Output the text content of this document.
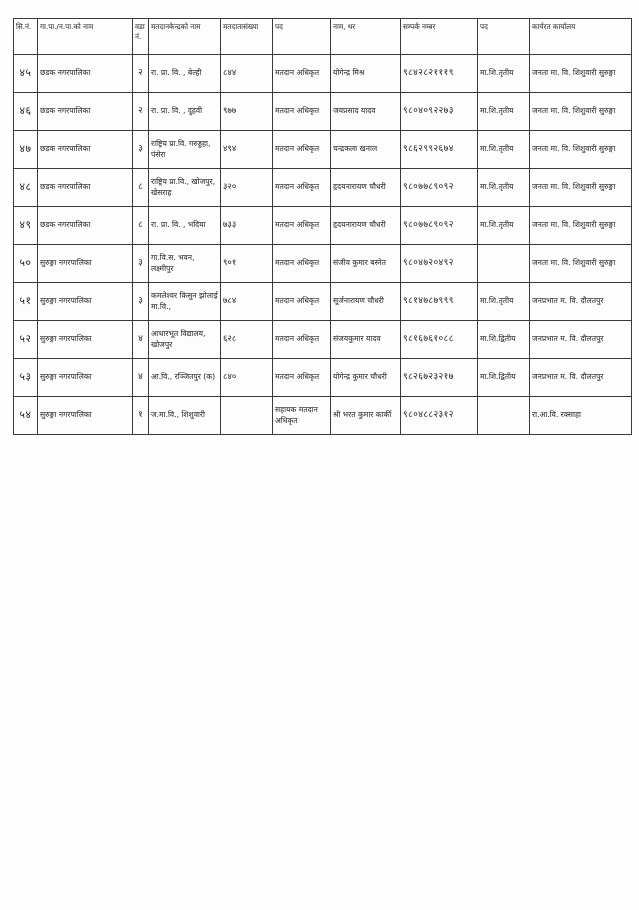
सि.नं.	गा.पा./न.पा.को नाम	वडा नं.	मतदानकेन्द्रको नाम	मतदातासंख्या	पद	नाम, थर	सम्पर्क नम्बर	पद	कार्यरत कार्यालय
४५	छडक नगरपालिका	२	रा. प्रा. वि. , बेल्ही	८४४	मतदान अधिकृत	योगेन्द्र मिश्र	९८४२८२१११९	मा.शि.तृतीय	जनता मा. वि. शिशुवारी सुरुङ्गा
४६	छडक नगरपालिका	२	रा. प्रा. वि. , दुहवी	९७७	मतदान अधिकृत	जयप्रसाद यादव	९८०४०९२२७३	मा.शि.तृतीय	जनता मा. वि. शिशुवारी सुरुङ्गा
४७	छडक नगरपालिका	३	राष्ट्रिय प्रा.वि. गरुड्डहा, पंसेरा	४९४	मतदान अधिकृत	चन्द्रकला खनाल	९८६२९९२६७४	मा.शि.तृतीय	जनता मा. वि. शिशुवारी सुरुङ्गा
४८	छडक नगरपालिका	८	राष्ट्रिय प्रा.वि., खोजपुर, खेसराह	३२०	मतदान अधिकृत	हृदयनारायण चौधरी	९८०७७८९०९२	मा.शि.तृतीय	जनता मा. वि. शिशुवारी सुरुङ्गा
४९	छडक नगरपालिका	८	रा. प्रा. वि. , भदिया	७३३	मतदान अधिकृत	हृदयनारायण चौधरी	९८०७७८९०९२	मा.शि.तृतीय	जनता मा. वि. शिशुवारी सुरुङ्गा
५०	सुरुङ्गा नगरपालिका	३	गा.वि.स. भवन, लक्ष्मीपुर	९०१	मतदान अधिकृत	संजीव कुमार बस्नेत	९८०४७२०४९२		जनता मा. वि. शिशुवारी सुरुङ्गा
५१	सुरुङ्गा नगरपालिका	३	कमलेश्वर किसुन झोलाई मा.वि.,	७८४	मतदान अधिकृत	सूर्जनारायण चौधरी	९८१४७८७९९९	मा.शि.तृतीय	जनप्रभात म. वि. दौलतपुर
५२	सुरुङ्गा नगरपालिका	४	आधारभूत विद्यालय, खोजपुर	६२८	मतदान अधिकृत	संजयकुमार यादव	९८१६७६१०८८	मा.शि.द्वितीय	जनप्रभात म. वि. दौलतपुर
५३	सुरुङ्गा नगरपालिका	४	आ.वि., रञ्जितपुर (क)	८४०	मतदान अधिकृत	योगेन्द्र कुमार चौधरी	९८२६७२३२१७	मा.शि.द्वितीय	जनप्रभात म. वि. दौलतपुर
५४	सुरुङ्गा नगरपालिका	१	ज.मा.वि., शिशुवारी		सहायक मतदान अधिकृत	श्री भरत कुमार कार्की	९८०४८८२३१२		रा.आ.वि. रक्साहा
